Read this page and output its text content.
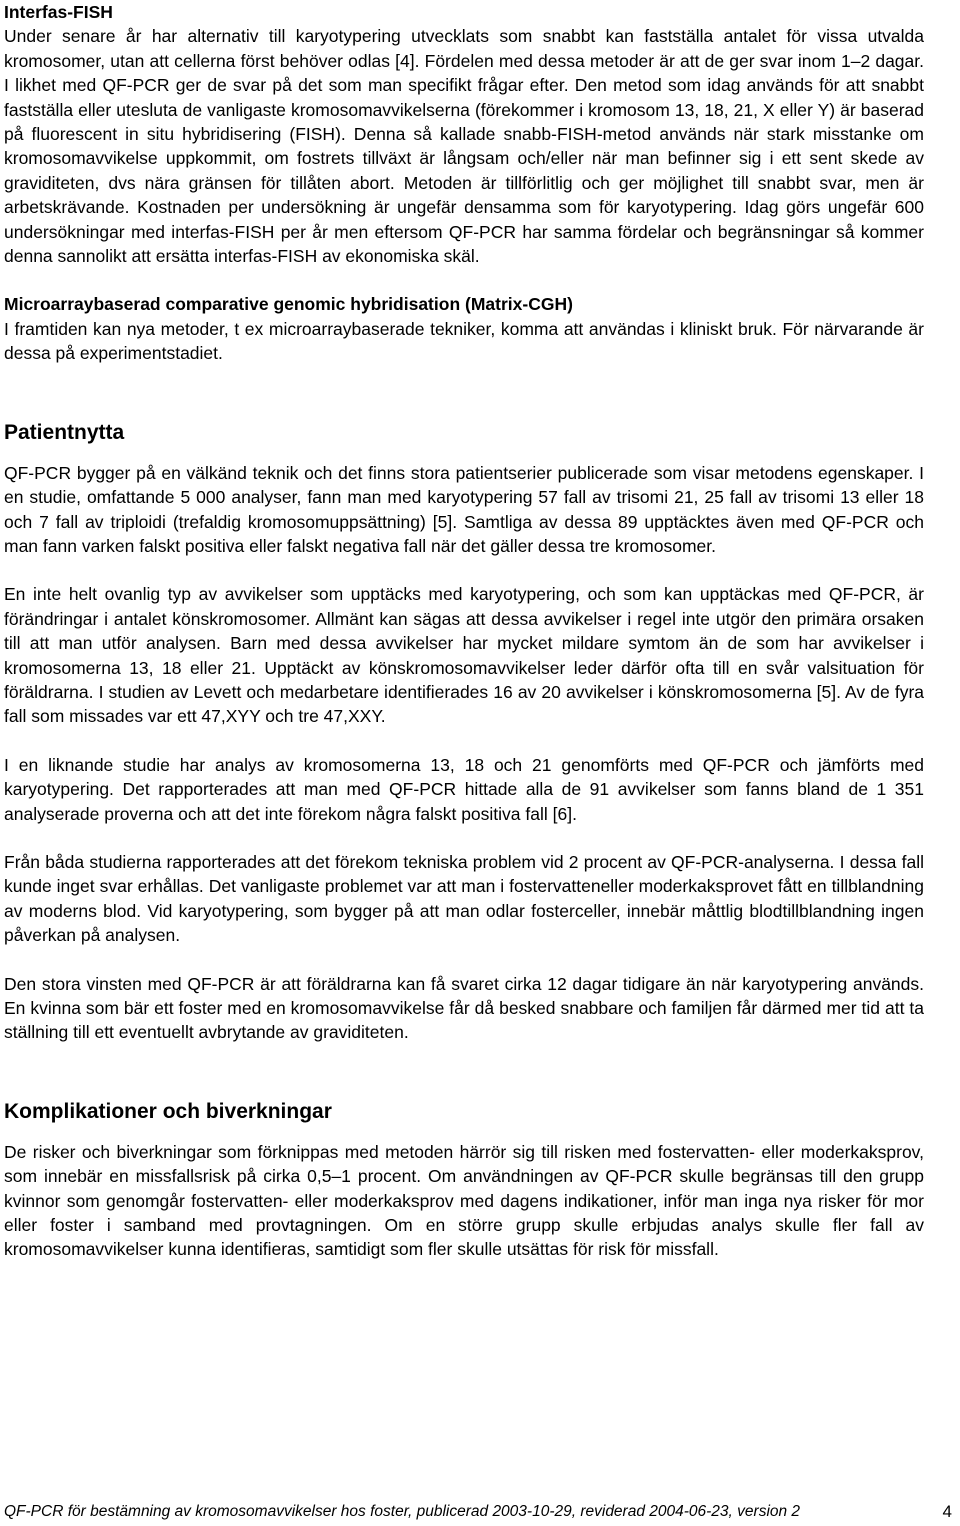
Interfas-FISH

Under senare år har alternativ till karyotypering utvecklats som snabbt kan fastställa antalet för vissa utvalda kromosomer, utan att cellerna först behöver odlas [4]. Fördelen med dessa metoder är att de ger svar inom 1–2 dagar. I likhet med QF-PCR ger de svar på det som man specifikt frågar efter. Den metod som idag används för att snabbt fastställa eller utesluta de vanligaste kromosomavvikelserna (förekommer i kromosom 13, 18, 21, X eller Y) är baserad på fluorescent in situ hybridisering (FISH). Denna så kallade snabb-FISH-metod används när stark misstanke om kromosomavvikelse uppkommit, om fostrets tillväxt är långsam och/eller när man befinner sig i ett sent skede av graviditeten, dvs nära gränsen för tillåten abort. Metoden är tillförlitlig och ger möjlighet till snabbt svar, men är arbetskrävande. Kostnaden per undersökning är ungefär densamma som för karyotypering. Idag görs ungefär 600 undersökningar med interfas-FISH per år men eftersom QF-PCR har samma fördelar och begränsningar så kommer denna sannolikt att ersätta interfas-FISH av ekonomiska skäl.

Microarraybaserad comparative genomic hybridisation (Matrix-CGH)

I framtiden kan nya metoder, t ex microarraybaserade tekniker, komma att användas i kliniskt bruk. För närvarande är dessa på experimentstadiet.

Patientnytta

QF-PCR bygger på en välkänd teknik och det finns stora patientserier publicerade som visar metodens egenskaper. I en studie, omfattande 5 000 analyser, fann man med karyotypering 57 fall av trisomi 21, 25 fall av trisomi 13 eller 18 och 7 fall av triploidi (trefaldig kromosomuppsättning) [5]. Samtliga av dessa 89 upptäcktes även med QF-PCR och man fann varken falskt positiva eller falskt negativa fall när det gäller dessa tre kromosomer.

En inte helt ovanlig typ av avvikelser som upptäcks med karyotypering, och som kan upptäckas med QF-PCR, är förändringar i antalet könskromosomer. Allmänt kan sägas att dessa avvikelser i regel inte utgör den primära orsaken till att man utför analysen. Barn med dessa avvikelser har mycket mildare symtom än de som har avvikelser i kromosomerna 13, 18 eller 21. Upptäckt av könskromosomavvikelser leder därför ofta till en svår valsituation för föräldrarna. I studien av Levett och medarbetare identifierades 16 av 20 avvikelser i könskromosomerna [5]. Av de fyra fall som missades var ett 47,XYY och tre 47,XXY.

I en liknande studie har analys av kromosomerna 13, 18 och 21 genomförts med QF-PCR och jämförts med karyotypering. Det rapporterades att man med QF-PCR hittade alla de 91 avvikelser som fanns bland de 1 351 analyserade proverna och att det inte förekom några falskt positiva fall [6].

Från båda studierna rapporterades att det förekom tekniska problem vid 2 procent av QF-PCR-analyserna. I dessa fall kunde inget svar erhållas. Det vanligaste problemet var att man i fostervatteneller moderkaksprovet fått en tillblandning av moderns blod. Vid karyotypering, som bygger på att man odlar fosterceller, innebär måttlig blodtillblandning ingen påverkan på analysen.

Den stora vinsten med QF-PCR är att föräldrarna kan få svaret cirka 12 dagar tidigare än när karyotypering används. En kvinna som bär ett foster med en kromosomavvikelse får då besked snabbare och familjen får därmed mer tid att ta ställning till ett eventuellt avbrytande av graviditeten.

Komplikationer och biverkningar

De risker och biverkningar som förknippas med metoden härrör sig till risken med fostervatten- eller moderkaksprov, som innebär en missfallsrisk på cirka 0,5–1 procent. Om användningen av QF-PCR skulle begränsas till den grupp kvinnor som genomgår fostervatten- eller moderkaksprov med dagens indikationer, inför man inga nya risker för mor eller foster i samband med provtagningen. Om en större grupp skulle erbjudas analys skulle fler fall av kromosomavvikelser kunna identifieras, samtidigt som fler skulle utsättas för risk för missfall.

QF-PCR för bestämning av kromosomavvikelser hos foster, publicerad 2003-10-29, reviderad 2004-06-23, version 2	4
